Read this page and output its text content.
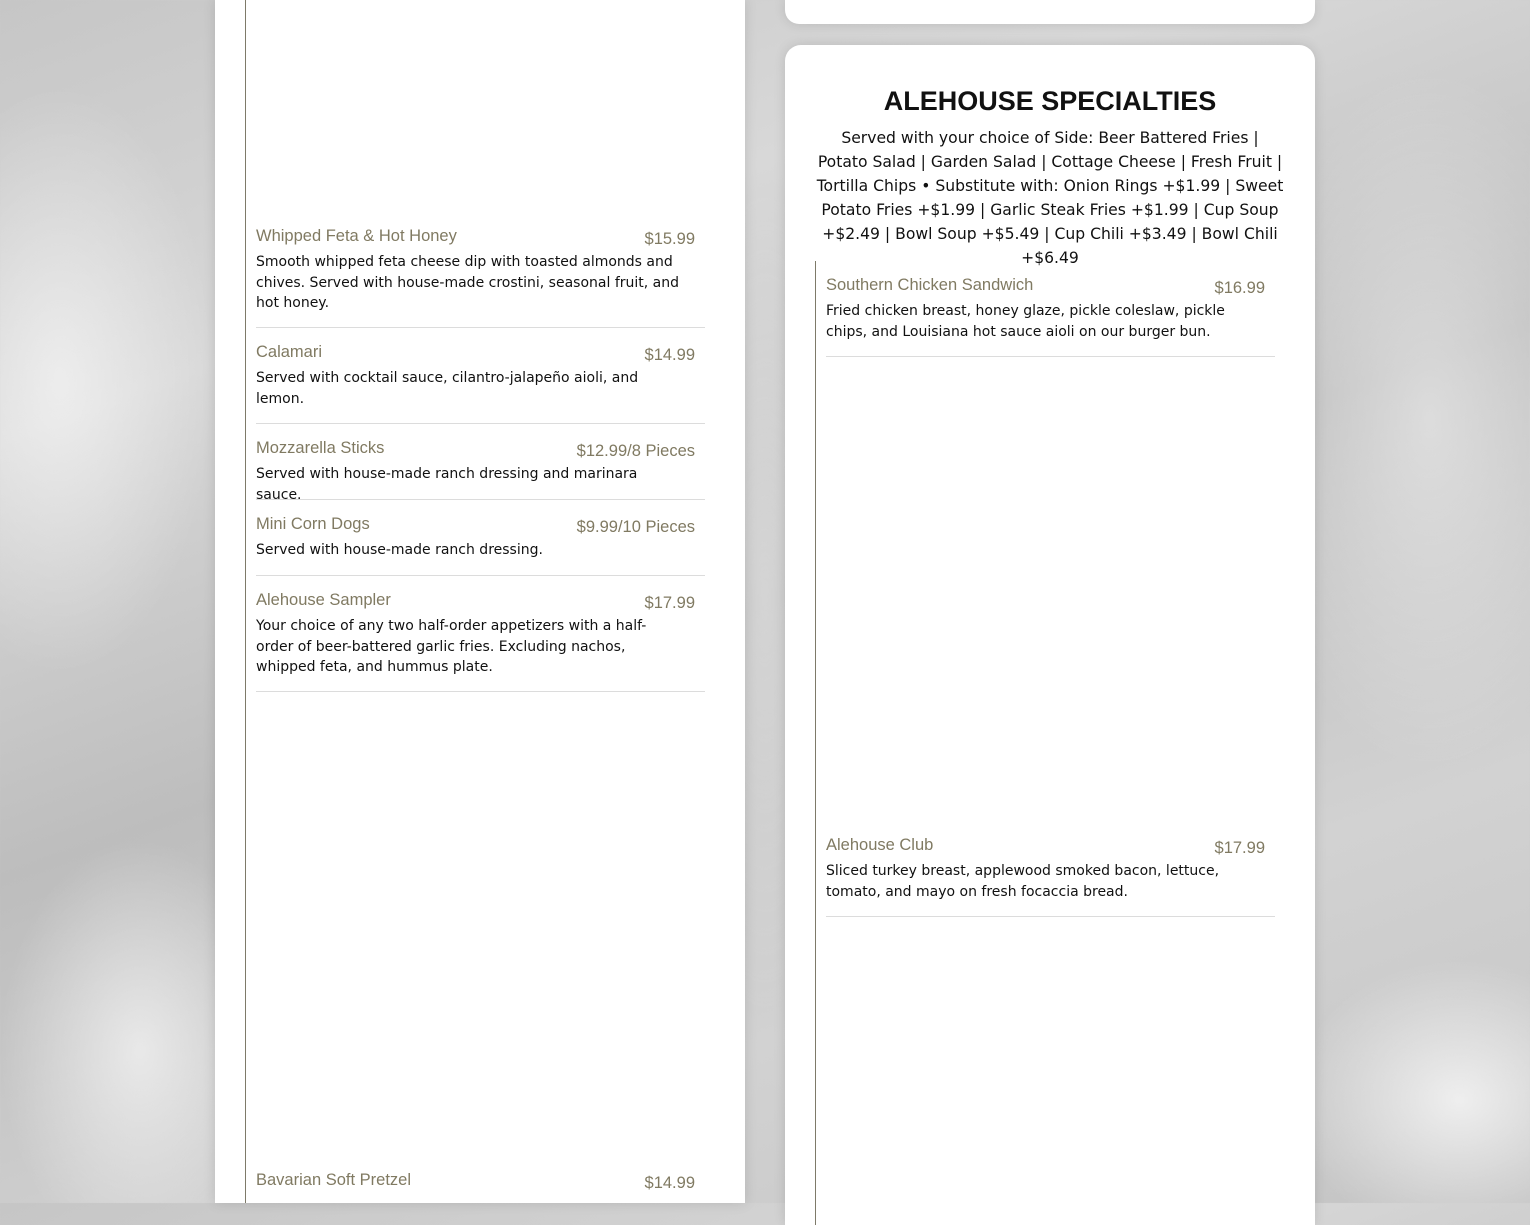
Whipped Feta & Hot Honey	$15.99
Smooth whipped feta cheese dip with toasted almonds and chives. Served with house-made crostini, seasonal fruit, and hot honey.
Calamari	$14.99
Served with cocktail sauce, cilantro-jalapeño aioli, and lemon.
Mozzarella Sticks	$12.99/8 Pieces
Served with house-made ranch dressing and marinara sauce.
Mini Corn Dogs	$9.99/10 Pieces
Served with house-made ranch dressing.
Alehouse Sampler	$17.99
Your choice of any two half-order appetizers with a half-order of beer-battered garlic fries. Excluding nachos, whipped feta, and hummus plate.
Bavarian Soft Pretzel	$14.99
ALEHOUSE SPECIALTIES
Served with your choice of Side: Beer Battered Fries | Potato Salad | Garden Salad | Cottage Cheese | Fresh Fruit | Tortilla Chips • Substitute with: Onion Rings +$1.99 | Sweet Potato Fries +$1.99 | Garlic Steak Fries +$1.99 | Cup Soup +$2.49 | Bowl Soup +$5.49 | Cup Chili +$3.49 | Bowl Chili +$6.49
Southern Chicken Sandwich	$16.99
Fried chicken breast, honey glaze, pickle coleslaw, pickle chips, and Louisiana hot sauce aioli on our burger bun.
Alehouse Club	$17.99
Sliced turkey breast, applewood smoked bacon, lettuce, tomato, and mayo on fresh focaccia bread.
